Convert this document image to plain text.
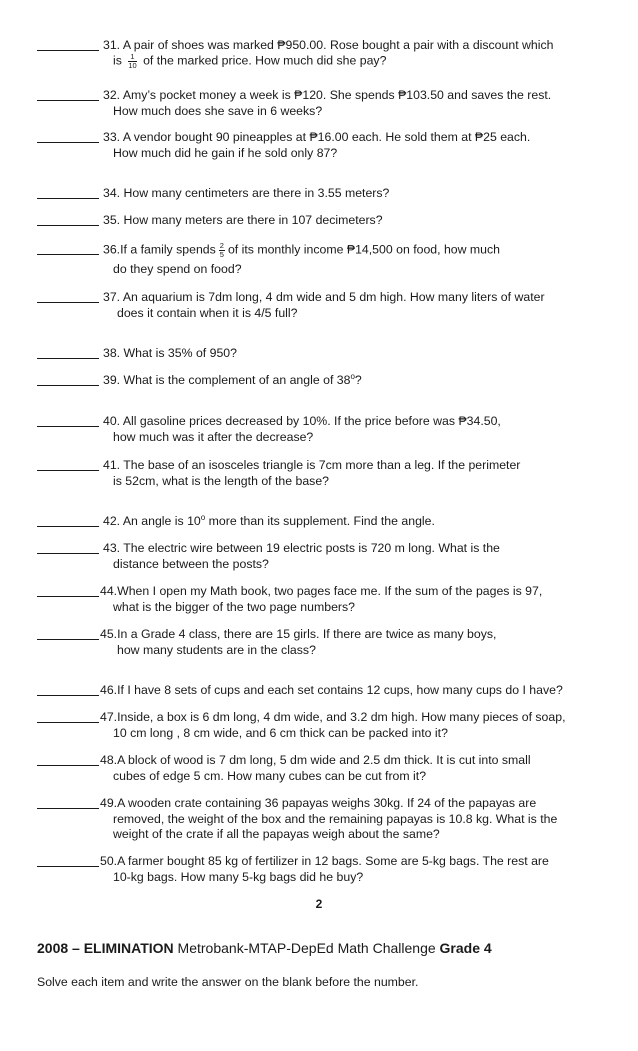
31. A pair of shoes was marked ₱950.00. Rose bought a pair with a discount which
is $\frac{1}{10}$ of the marked price. How much did she pay?
32. Amy’s pocket money a week is ₱120. She spends ₱103.50 and saves the rest.
How much does she save in 6 weeks?
33. A vendor bought 90 pineapples at ₱16.00 each. He sold them at ₱25 each.
How much did he gain if he sold only 87?
34. How many centimeters are there in 3.55 meters?
35. How many meters are there in 107 decimeters?
36.If a family spends $\frac{2}{5}$ of its monthly income ₱14,500 on food, how much
do they spend on food?
37. An aquarium is 7dm long, 4 dm wide and 5 dm high. How many liters of water
does it contain when it is 4/5 full?
38. What is 35% of 950?
39. What is the complement of an angle of 38$^o$?
40. All gasoline prices decreased by 10%. If the price before was ₱34.50,
how much was it after the decrease?
41. The base of an isosceles triangle is 7cm more than a leg. If the perimeter
is 52cm, what is the length of the base?
42. An angle is 10$^o$ more than its supplement. Find the angle.
43. The electric wire between 19 electric posts is 720 m long. What is the
distance between the posts?
44.When I open my Math book, two pages face me. If the sum of the pages is 97,
what is the bigger of the two page numbers?
45.In a Grade 4 class, there are 15 girls. If there are twice as many boys,
how many students are in the class?
46.If I have 8 sets of cups and each set contains 12 cups, how many cups do I have?
47.Inside, a box is 6 dm long, 4 dm wide, and 3.2 dm high. How many pieces of soap,
10 cm long , 8 cm wide, and 6 cm thick can be packed into it?
48.A block of wood is 7 dm long, 5 dm wide and 2.5 dm thick. It is cut into small
cubes of edge 5 cm. How many cubes can be cut from it?
49.A wooden crate containing 36 papayas weighs 30kg. If 24 of the papayas are
removed, the weight of the box and the remaining papayas is 10.8 kg. What is the
weight of the crate if all the papayas weigh about the same?
50.A farmer bought 85 kg of fertilizer in 12 bags. Some are 5-kg bags. The rest are
10-kg bags. How many 5-kg bags did he buy?
2
2008 – ELIMINATION Metrobank-MTAP-DepEd Math Challenge Grade 4
Solve each item and write the answer on the blank before the number.
